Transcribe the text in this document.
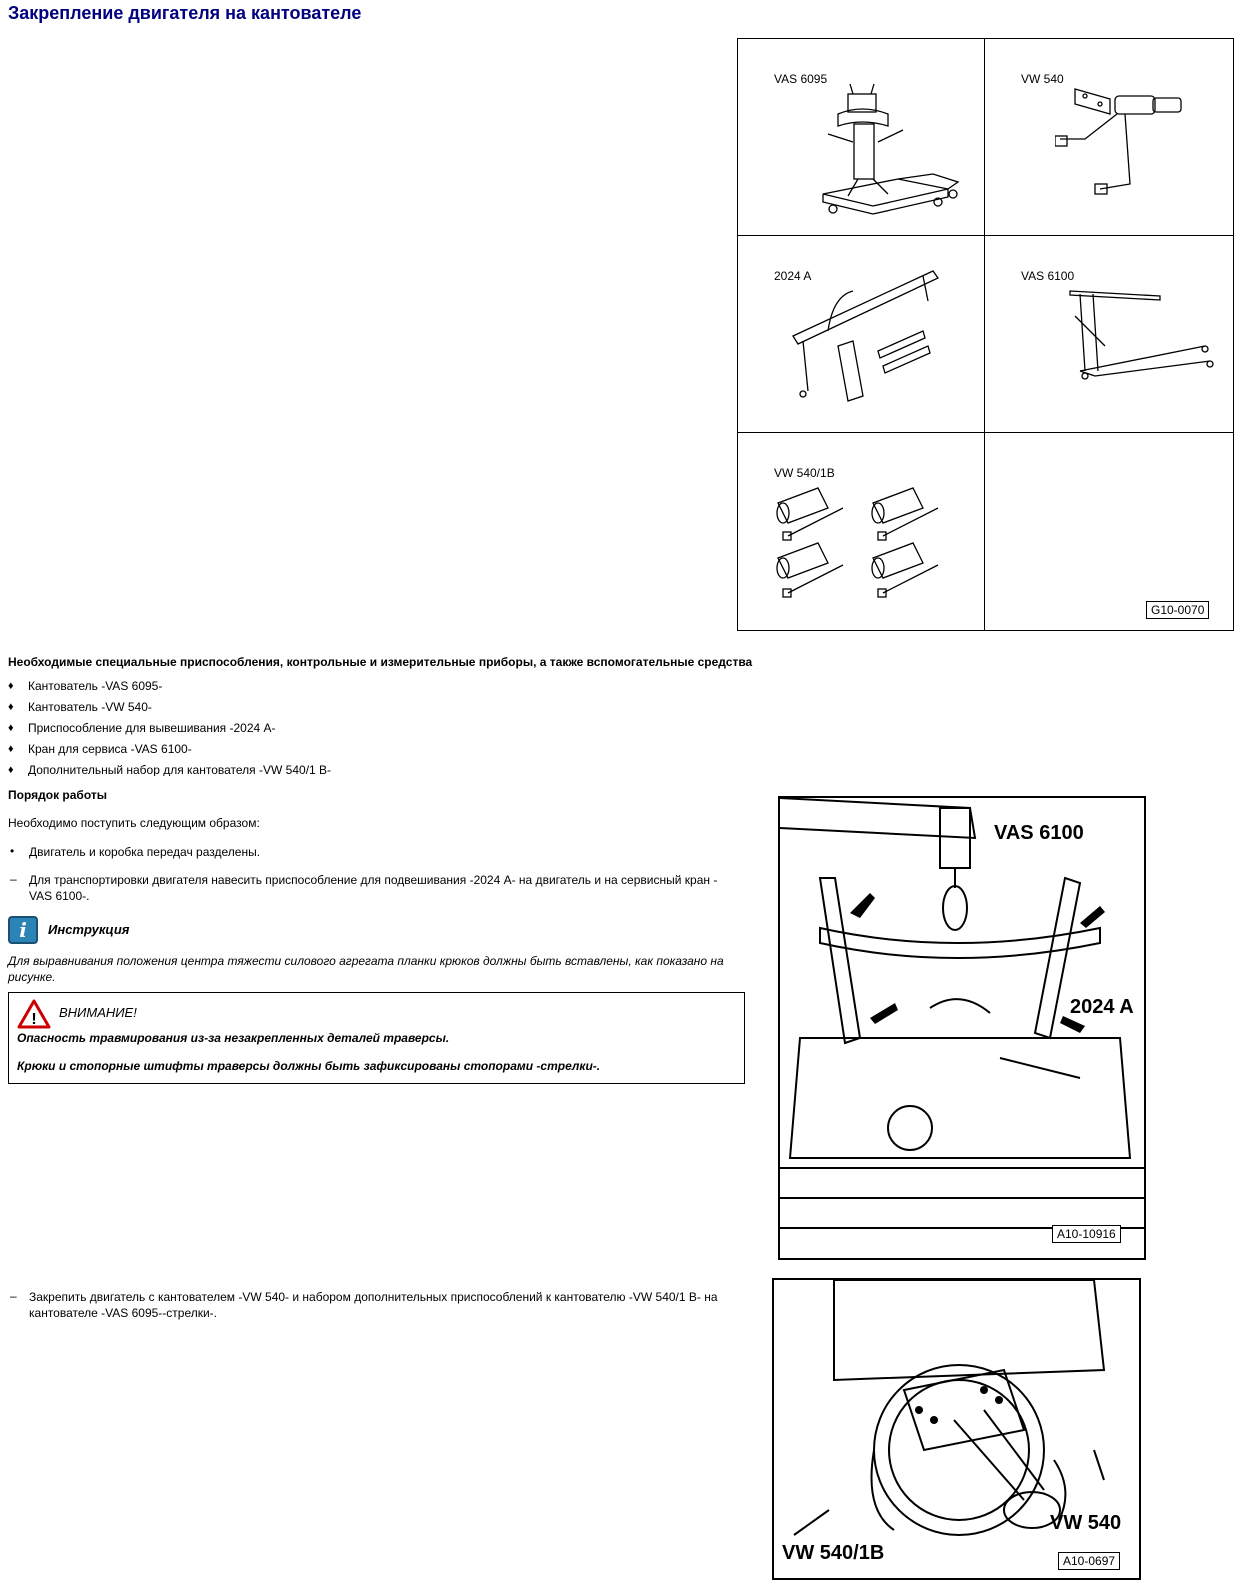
Закрепление двигателя на кантователе
VAS 6095	VW 540
2024 A	VAS 6100
VW 540/1B
G10-0070
Необходимые специальные приспособления, контрольные и измерительные приборы, а также вспомогательные средства
♦ Кантователь -VAS 6095-
♦ Кантователь -VW 540-
♦ Приспособление для вывешивания -2024 A-
♦ Кран для сервиса -VAS 6100-
♦ Дополнительный набор для кантователя -VW 540/1 B-
Порядок работы
Необходимо поступить следующим образом:
• Двигатель и коробка передач разделены.
– Для транспортировки двигателя навесить приспособление для подвешивания -2024 A- на двигатель и на сервисный кран -VAS 6100-.
i	Инструкция
Для выравнивания положения центра тяжести силового агрегата планки крюков должны быть вставлены, как показано на рисунке.
! ВНИМАНИЕ!
Опасность травмирования из-за незакрепленных деталей траверсы.
Крюки и стопорные штифты траверсы должны быть зафиксированы стопорами -стрелки-.
VAS 6100
2024 A
A10-10916
– Закрепить двигатель с кантователем -VW 540- и набором дополнительных приспособлений к кантователю -VW 540/1 B- на кантователе -VAS 6095--стрелки-.
VW 540/1B
VW 540
A10-0697
